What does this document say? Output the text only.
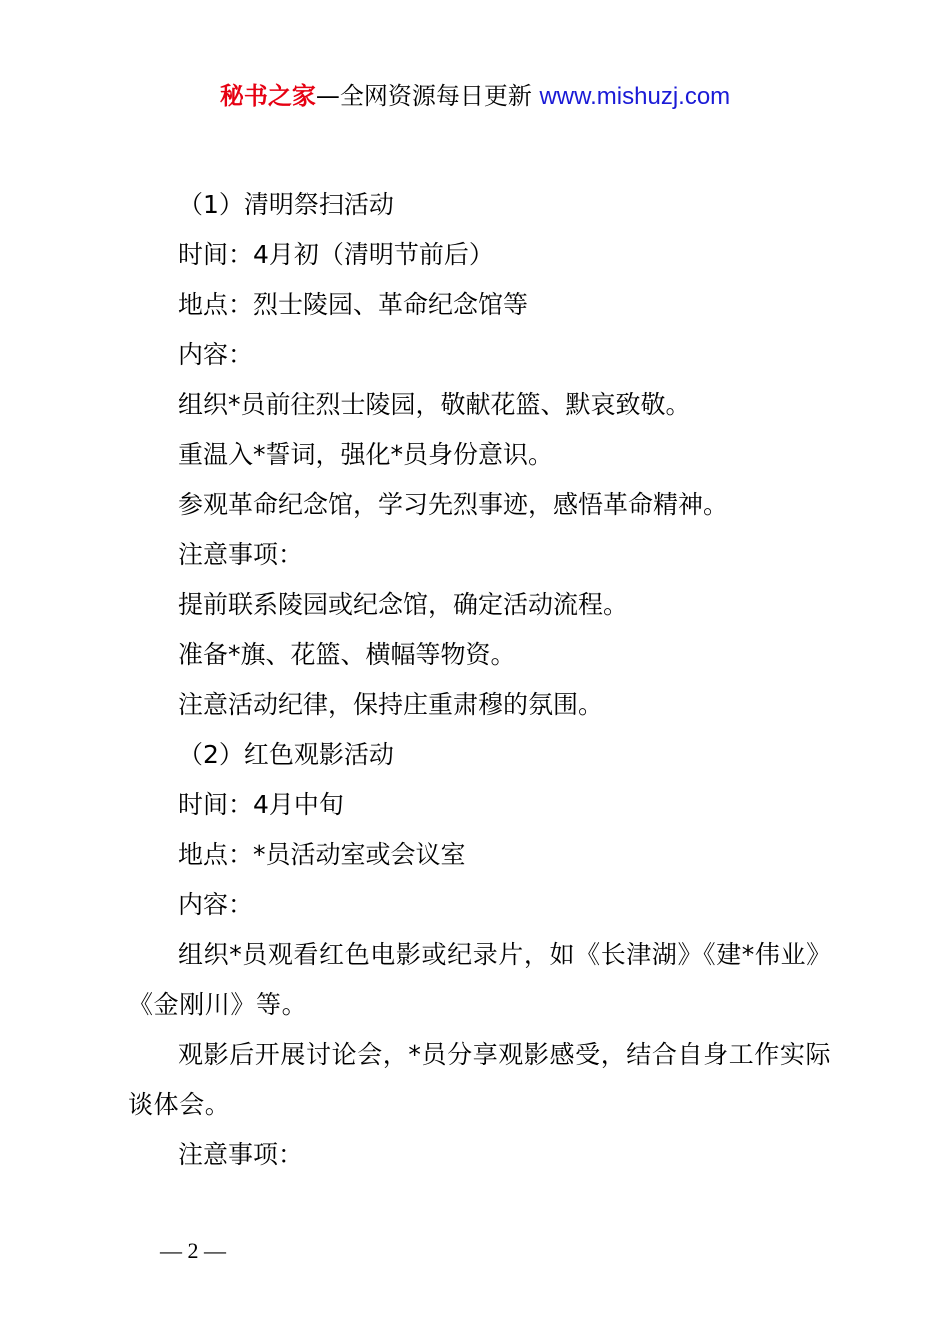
秘书之家—全网资源每日更新 www.mishuzj.com
（1）清明祭扫活动
时间：4月初（清明节前后）
地点：烈士陵园、革命纪念馆等
内容：
组织*员前往烈士陵园，敬献花篮、默哀致敬。
重温入*誓词，强化*员身份意识。
参观革命纪念馆，学习先烈事迹，感悟革命精神。
注意事项：
提前联系陵园或纪念馆，确定活动流程。
准备*旗、花篮、横幅等物资。
注意活动纪律，保持庄重肃穆的氛围。
（2）红色观影活动
时间：4月中旬
地点：*员活动室或会议室
内容：
组织*员观看红色电影或纪录片，如《长津湖》《建*伟业》《金刚川》等。
观影后开展讨论会，*员分享观影感受，结合自身工作实际谈体会。
注意事项：
— 2 —
